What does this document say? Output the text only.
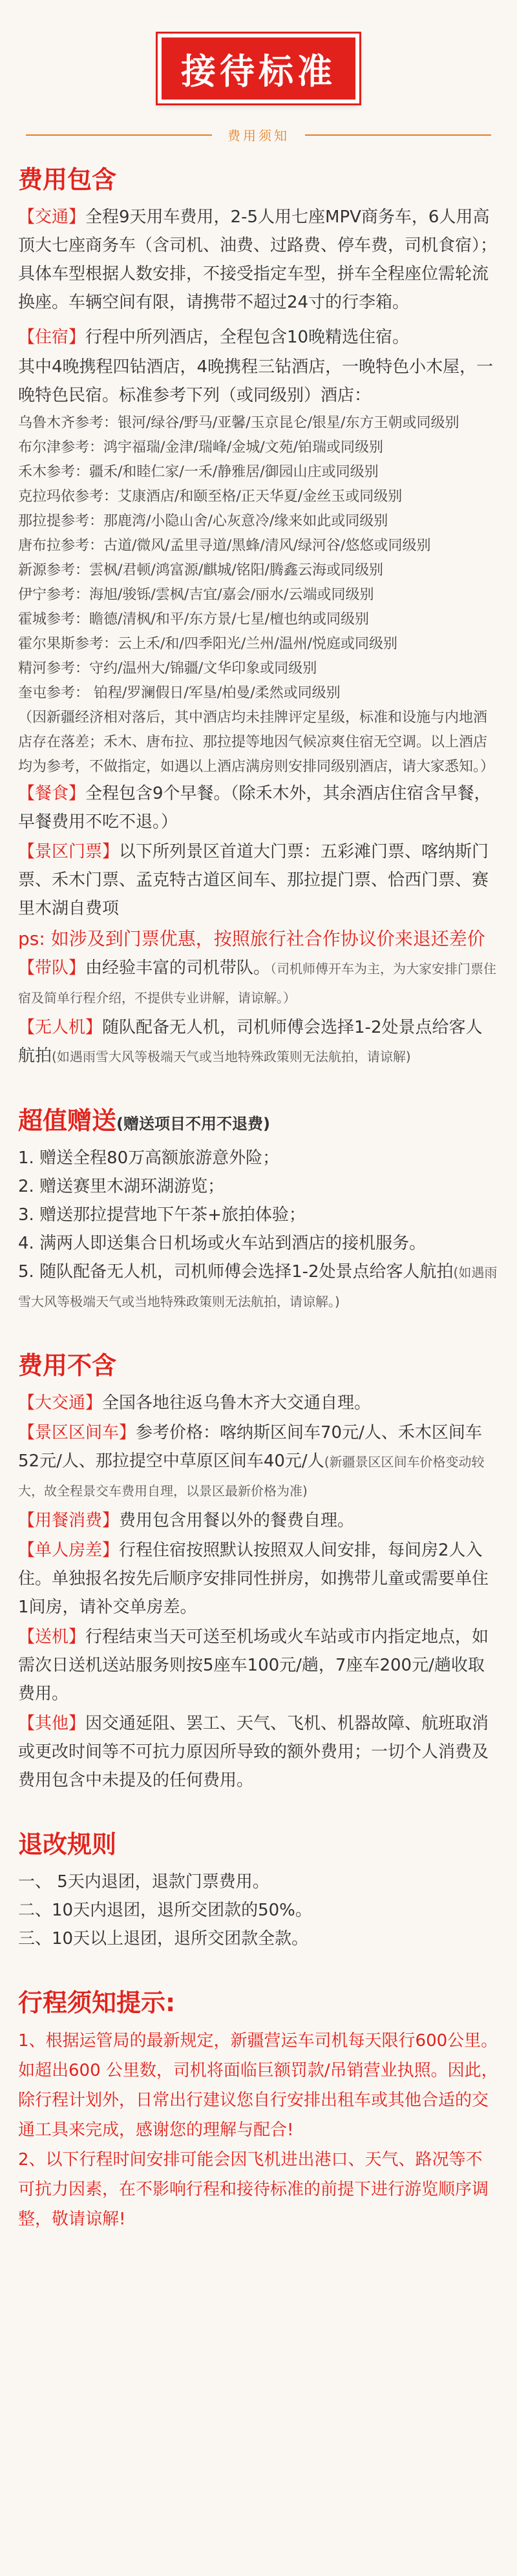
接待标准
费用须知
费用包含

【交通】全程9天用车费用，2-5人用七座MPV商务车，6人用高顶大七座商务车（含司机、油费、过路费、停车费，司机食宿）；具体车型根据人数安排，不接受指定车型，拼车全程座位需轮流换座。车辆空间有限，请携带不超过24寸的行李箱。

【住宿】行程中所列酒店，全程包含10晚精选住宿。

其中4晚携程四钻酒店，4晚携程三钻酒店，一晚特色小木屋，一晚特色民宿。标准参考下列（或同级别）酒店：

乌鲁木齐参考：银河/绿谷/野马/亚馨/玉京昆仑/银星/东方王朝或同级别

布尔津参考：鸿宇福瑞/金津/瑞峰/金城/文苑/铂瑞或同级别

禾木参考：疆禾/和睦仁家/一禾/静雅居/御园山庄或同级别

克拉玛依参考：艾康酒店/和颐至格/正天华夏/金丝玉或同级别

那拉提参考：那鹿湾/小隐山舍/心灰意冷/缘来如此或同级别

唐布拉参考：古道/微风/孟里寻道/黑蜂/清风/绿河谷/悠悠或同级别

新源参考：雲枫/君顿/鸿富源/麒城/铭阳/腾鑫云海或同级别

伊宁参考：海旭/骏铄/雲枫/吉宜/嘉会/丽水/云端或同级别

霍城参考：瞻德/清枫/和平/东方景/七星/檀也纳或同级别

霍尔果斯参考：云上禾/和/四季阳光/兰州/温州/悦庭或同级别

精河参考：守约/温州大/锦疆/文华印象或同级别

奎屯参考： 铂程/罗澜假日/军垦/柏曼/柔然或同级别

（因新疆经济相对落后，其中酒店均未挂牌评定星级，标准和设施与内地酒店存在落差；禾木、唐布拉、那拉提等地因气候凉爽住宿无空调。以上酒店均为参考，不做指定，如遇以上酒店满房则安排同级别酒店，请大家悉知。）

【餐食】全程包含9个早餐。（除禾木外，其余酒店住宿含早餐，早餐费用不吃不退。）

【景区门票】以下所列景区首道大门票：五彩滩门票、喀纳斯门票、禾木门票、孟克特古道区间车、那拉提门票、恰西门票、赛里木湖自费项

ps: 如涉及到门票优惠，按照旅行社合作协议价来退还差价

【带队】由经验丰富的司机带队。（司机师傅开车为主，为大家安排门票住宿及简单行程介绍，不提供专业讲解，请谅解。）

【无人机】随队配备无人机，司机师傅会选择1-2处景点给客人航拍(如遇雨雪大风等极端天气或当地特殊政策则无法航拍，请谅解)

超值赠送(赠送项目不用不退费)

1. 赠送全程80万高额旅游意外险；

2. 赠送赛里木湖环湖游览；

3. 赠送那拉提营地下午茶+旅拍体验；

4. 满两人即送集合日机场或火车站到酒店的接机服务。

5. 随队配备无人机，司机师傅会选择1-2处景点给客人航拍(如遇雨雪大风等极端天气或当地特殊政策则无法航拍，请谅解。)

费用不含

【大交通】全国各地往返乌鲁木齐大交通自理。

【景区区间车】参考价格：喀纳斯区间车70元/人、禾木区间车52元/人、那拉提空中草原区间车40元/人(新疆景区区间车价格变动较大，故全程景交车费用自理，以景区最新价格为准)

【用餐消费】费用包含用餐以外的餐费自理。

【单人房差】行程住宿按照默认按照双人间安排，每间房2人入住。单独报名按先后顺序安排同性拼房，如携带儿童或需要单住1间房，请补交单房差。

【送机】行程结束当天可送至机场或火车站或市内指定地点，如需次日送机送站服务则按5座车100元/趟，7座车200元/趟收取费用。

【其他】因交通延阻、罢工、天气、飞机、机器故障、航班取消或更改时间等不可抗力原因所导致的额外费用；一切个人消费及费用包含中未提及的任何费用。

退改规则

一、 5天内退团，退款门票费用。

二、10天内退团，退所交团款的50%。

三、10天以上退团，退所交团款全款。

行程须知提示:

1、根据运管局的最新规定，新疆营运车司机每天限行600公里。如超出600 公里数，司机将面临巨额罚款/吊销营业执照。因此，除行程计划外，日常出行建议您自行安排出租车或其他合适的交通工具来完成，感谢您的理解与配合!

2、以下行程时间安排可能会因飞机进出港口、天气、路况等不可抗力因素，在不影响行程和接待标准的前提下进行游览顺序调整，敬请谅解!
